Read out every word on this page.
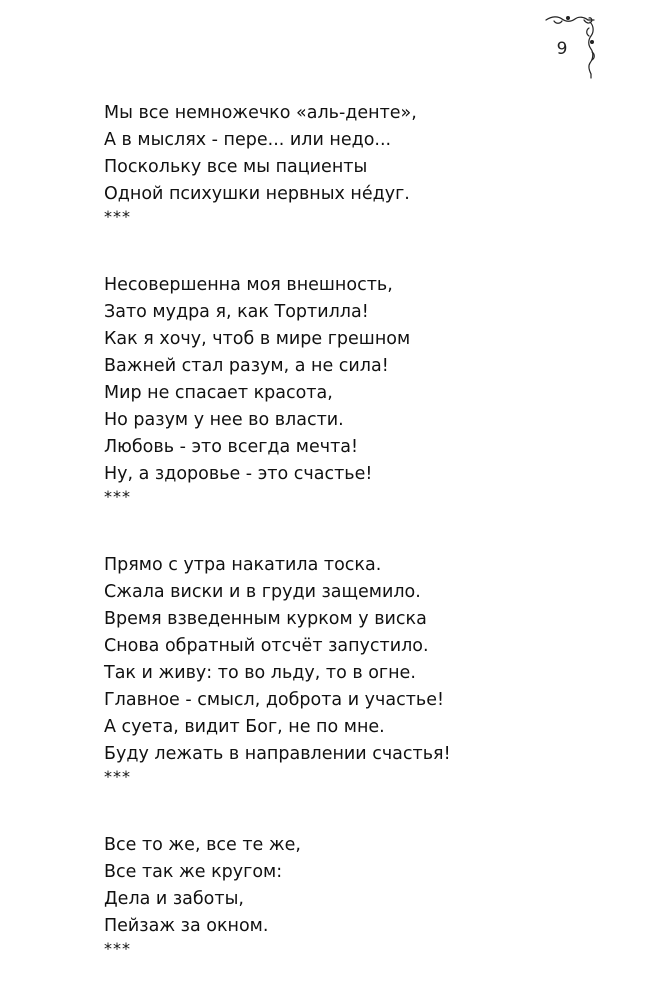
9
Мы все немножечко «аль-денте»,
А в мыслях - пере... или недо...
Поскольку все мы пациенты
Одной психушки нервных не́дуг.
***
Несовершенна моя внешность,
Зато мудра я, как Тортилла!
Как я хочу, чтоб в мире грешном
Важней стал разум, а не сила!
Мир не спасает красота,
Но разум у нее во власти.
Любовь - это всегда мечта!
Ну, а здоровье - это счастье!
***
Прямо с утра накатила тоска.
Сжала виски и в груди защемило.
Время взведенным курком у виска
Снова обратный отсчёт запустило.
Так и живу: то во льду, то в огне.
Главное - смысл, доброта и участье!
А суета, видит Бог, не по мне.
Буду лежать в направлении счастья!
***
Все то же, все те же,
Все так же кругом:
Дела и заботы,
Пейзаж за окном.
***
